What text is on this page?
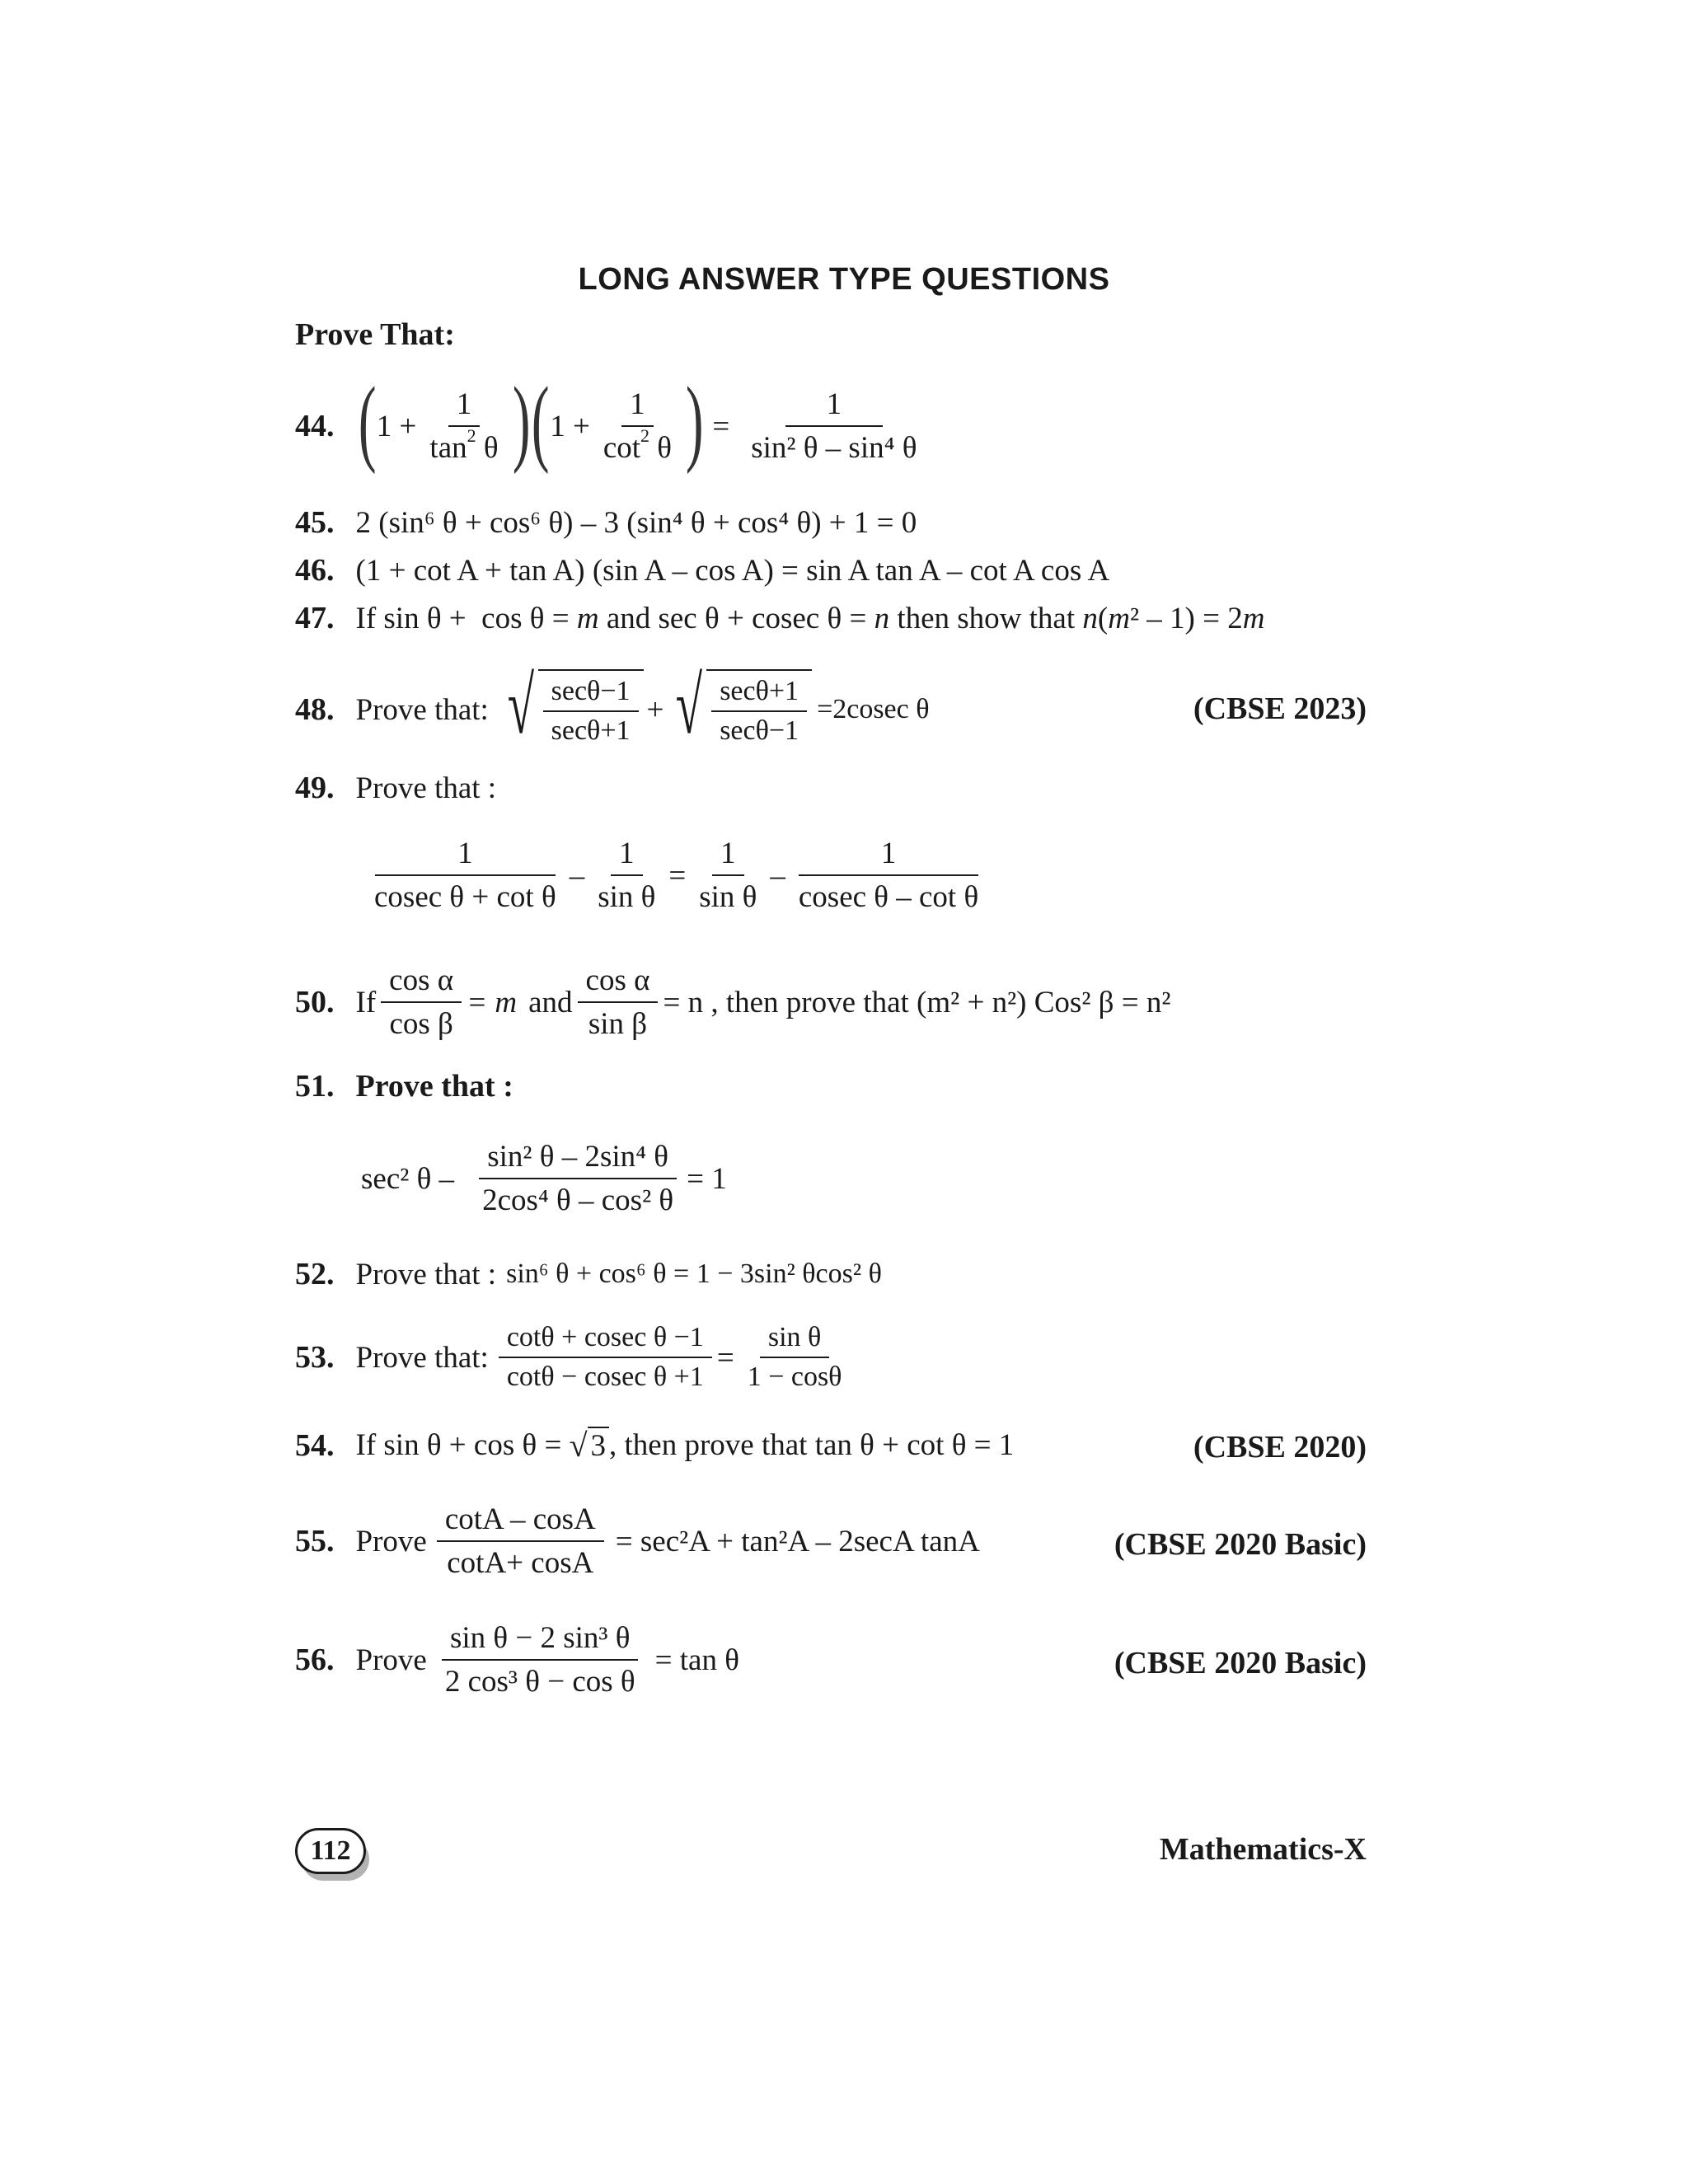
LONG ANSWER TYPE QUESTIONS
Prove That:
44. ( $1 + \frac{1}{\tan^2 \theta}$ ) ( $1 + \frac{1}{\cot^2 \theta}$ ) = $\frac{1}{\text{sin² θ – sin⁴ θ}}$
45. 2 (sin⁶ θ + cos⁶ θ) – 3 (sin⁴ θ + cos⁴ θ) + 1 = 0
46. (1 + cot A + tan A) (sin A – cos A) = sin A tan A – cot A cos A
47. If sin θ +  cos θ = m and sec θ + cosec θ = n then show that n ( m ² – 1) = 2 m
48. Prove that: √ $\frac{\sec\theta-1}{\sec\theta+1}$ + √ $\frac{\sec\theta+1}{\sec\theta-1} =2cosec$ θ	(CBSE 2023)
49. Prove that :
$\frac{1}{\text{cosec θ + cot θ}} - \frac{1}{\text{sin θ}} = \frac{1}{\text{sin θ}} - \frac{1}{\text{cosec θ – cot θ}}$
50. If $\frac{\text{cos α}}{\text{cos β}} = m$ and $\frac{\text{cos α}}{\text{sin β}} = n$ , then prove that (m² + n²) Cos² β = n²
51. Prove that :
sec² $\theta - \frac{\text{sin² θ – 2sin⁴ θ}}{\text{2cos⁴ θ – cos² θ}} = 1$
52. Prove that : sin⁶ θ + cos⁶ θ = 1 − 3sin² θcos² θ
53. Prove that: $\frac{\text{cotθ + cosec θ −1}}{\text{cotθ − cosec θ +1}} = \frac{\text{sin θ}}{1 - \cos\theta}$
54. If sin θ + cos θ = √ 3 , then prove that tan θ + cot θ = 1	(CBSE 2020)
55. Prove $\frac{\cot A - \cos A}{\cot A+ \cos A} = \sec^2A + \tan^2A - 2\sec A$ tanA	(CBSE 2020 Basic)
56. Prove $\frac{\text{sin θ − 2 sin³ θ}}{\text{2 cos³ θ − cos θ}} = \tan \theta$	(CBSE 2020 Basic)
112	Mathematics-X
